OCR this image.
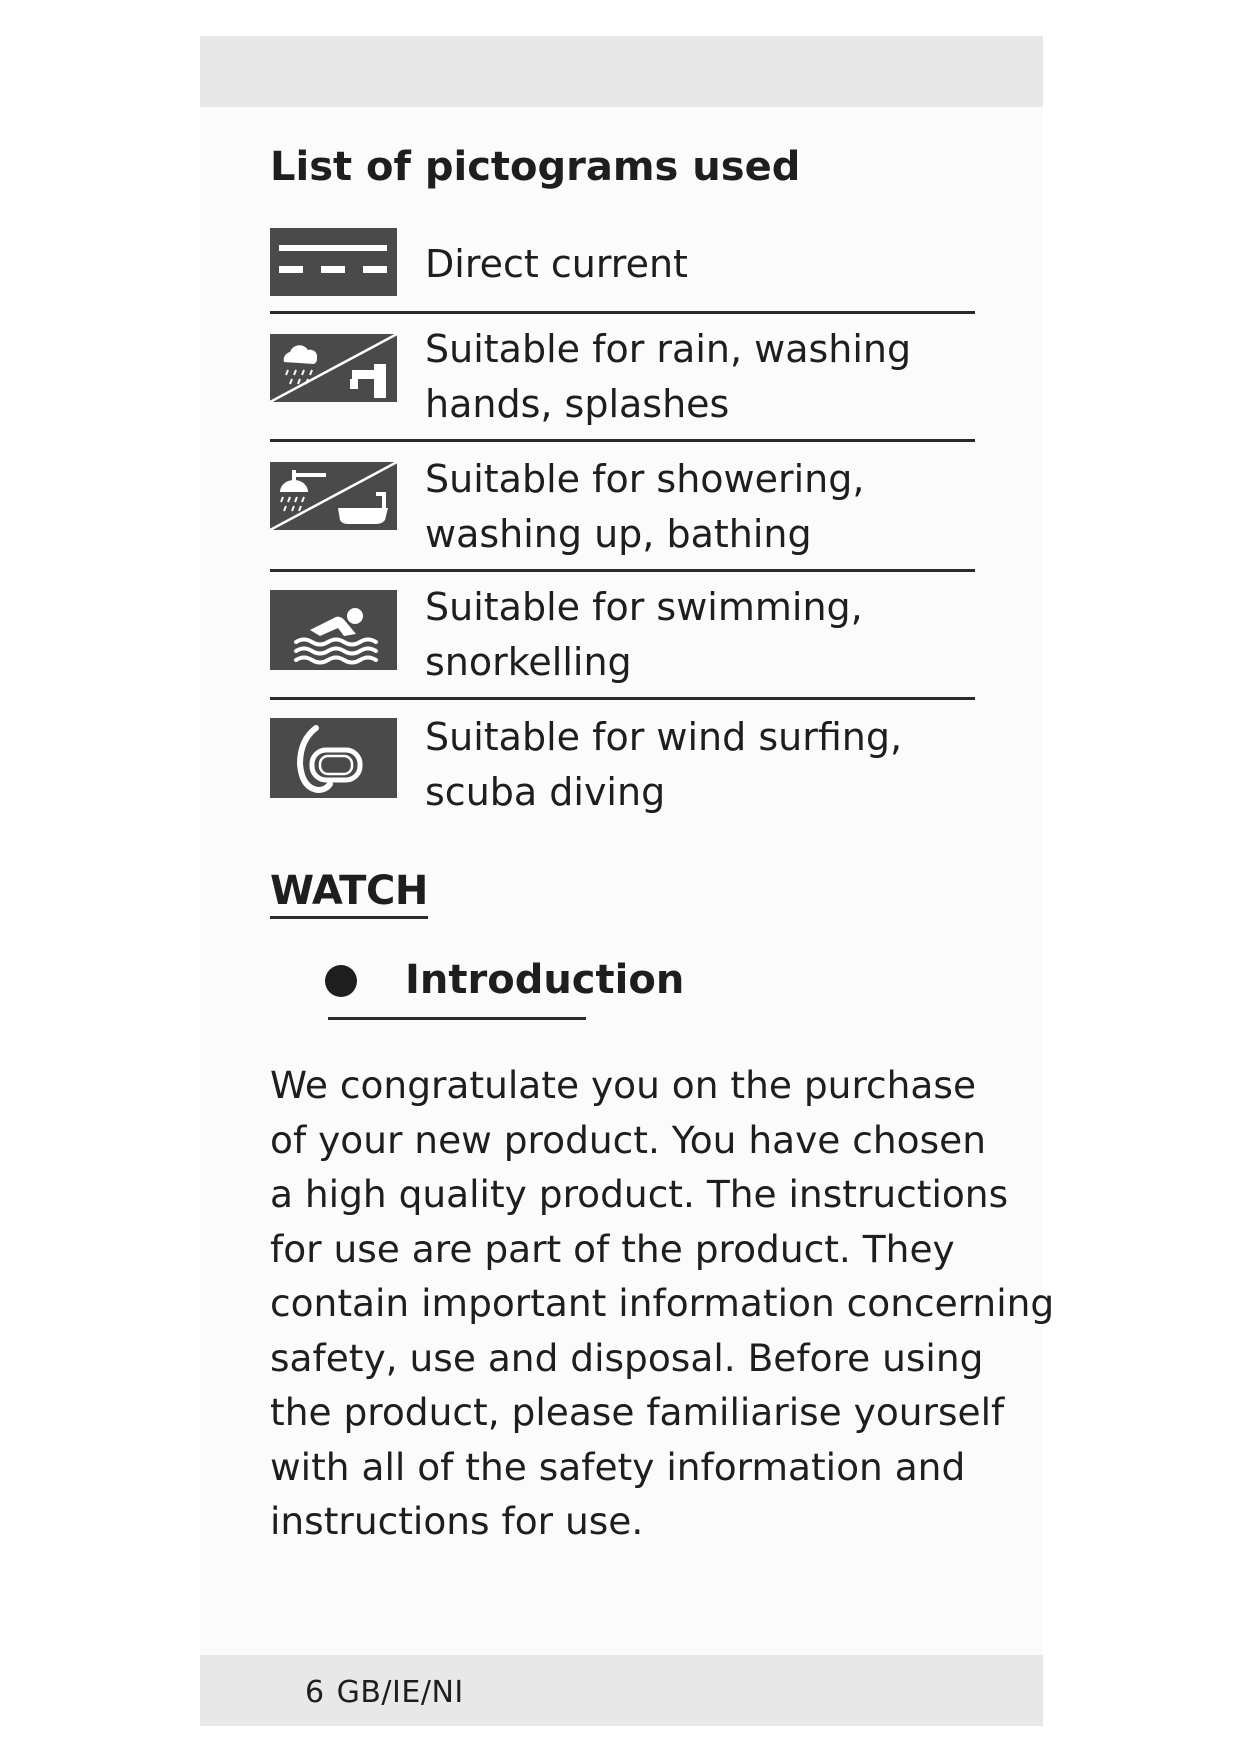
List of pictograms used
Direct current
Suitable for rain, washing
hands, splashes
Suitable for showering,
washing up, bathing
Suitable for swimming,
snorkelling
Suitable for wind surfing,
scuba diving
WATCH
Introduction
We congratulate you on the purchase
of your new product. You have chosen
a high quality product. The instructions
for use are part of the product. They
contain important information concerning
safety, use and disposal. Before using
the product, please familiarise yourself
with all of the safety information and
instructions for use.
6 GB/IE/NI
